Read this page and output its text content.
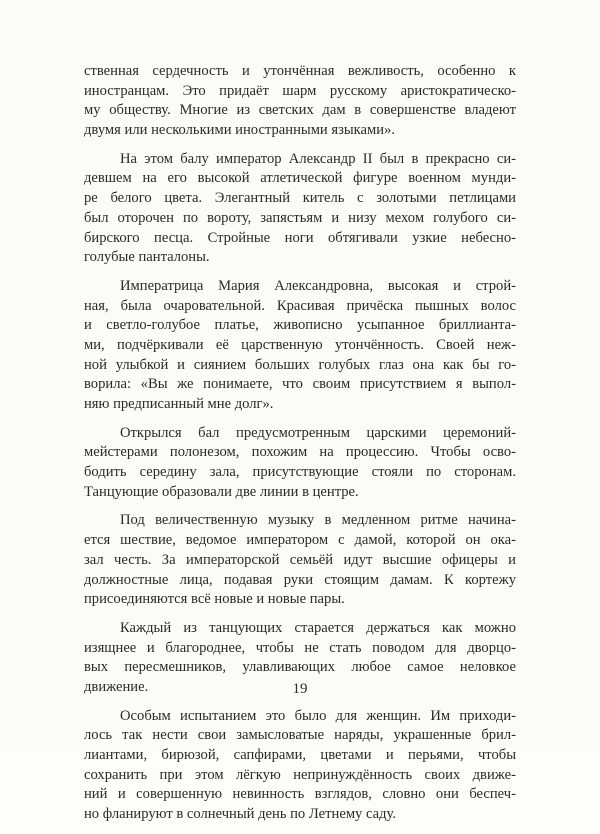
ственная сердечность и утончённая вежливость, особенно к
иностранцам. Это придаёт шарм русскому аристократическо-
му обществу. Многие из светских дам в совершенстве владеют
двумя или несколькими иностранными языками».
На этом балу император Александр II был в прекрасно си-
девшем на его высокой атлетической фигуре военном мунди-
ре белого цвета. Элегантный китель с золотыми петлицами
был оторочен по вороту, запястьям и низу мехом голубого си-
бирского песца. Стройные ноги обтягивали узкие небесно-
голубые панталоны.
Императрица Мария Александровна, высокая и строй-
ная, была очаровательной. Красивая причёска пышных волос
и светло-голубое платье, живописно усыпанное бриллианта-
ми, подчёркивали её царственную утончённость. Своей неж-
ной улыбкой и сиянием больших голубых глаз она как бы го-
ворила: «Вы же понимаете, что своим присутствием я выпол-
няю предписанный мне долг».
Открылся бал предусмотренным царскими церемоний-
мейстерами полонезом, похожим на процессию. Чтобы осво-
бодить середину зала, присутствующие стояли по сторонам.
Танцующие образовали две линии в центре.
Под величественную музыку в медленном ритме начина-
ется шествие, ведомое императором с дамой, которой он ока-
зал честь. За императорской семьёй идут высшие офицеры и
должностные лица, подавая руки стоящим дамам. К кортежу
присоединяются всё новые и новые пары.
Каждый из танцующих старается держаться как можно
изящнее и благороднее, чтобы не стать поводом для дворцо-
вых пересмешников, улавливающих любое самое неловкое
движение.
Особым испытанием это было для женщин. Им приходи-
лось так нести свои замысловатые наряды, украшенные брил-
лиантами, бирюзой, сапфирами, цветами и перьями, чтобы
сохранить при этом лёгкую непринуждённость своих движе-
ний и совершенную невинность взглядов, словно они беспеч-
но фланируют в солнечный день по Летнему саду.
19
